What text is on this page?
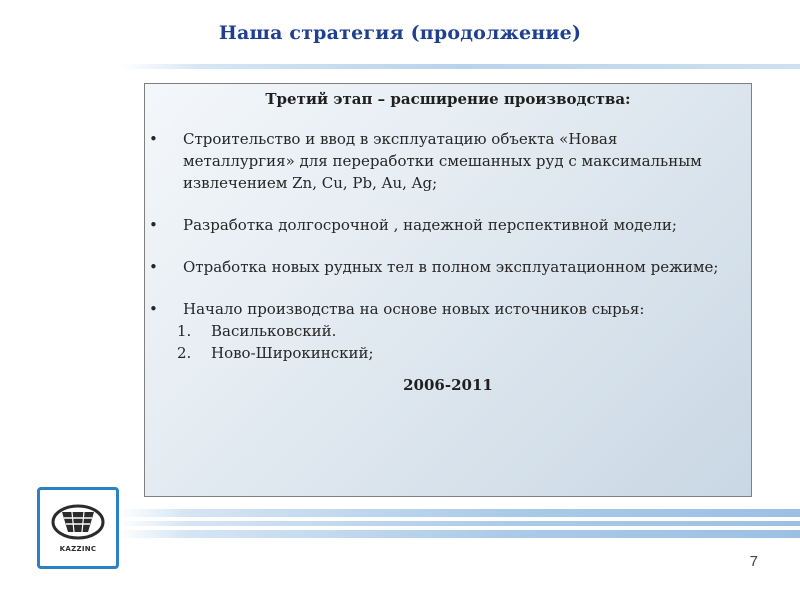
Наша стратегия (продолжение)
Третий этап – расширение производства:
• Строительство и ввод в эксплуатацию объекта «Новая металлургия» для переработки смешанных руд с максимальным извлечением Zn, Cu, Pb, Au, Ag;
• Разработка долгосрочной , надежной перспективной модели;
• Отработка новых рудных тел в полном эксплуатационном режиме;
• Начало производства на основе новых источников сырья:
1. Васильковский.
2. Ново-Широкинский;
2006-2011
KAZZINC
7
